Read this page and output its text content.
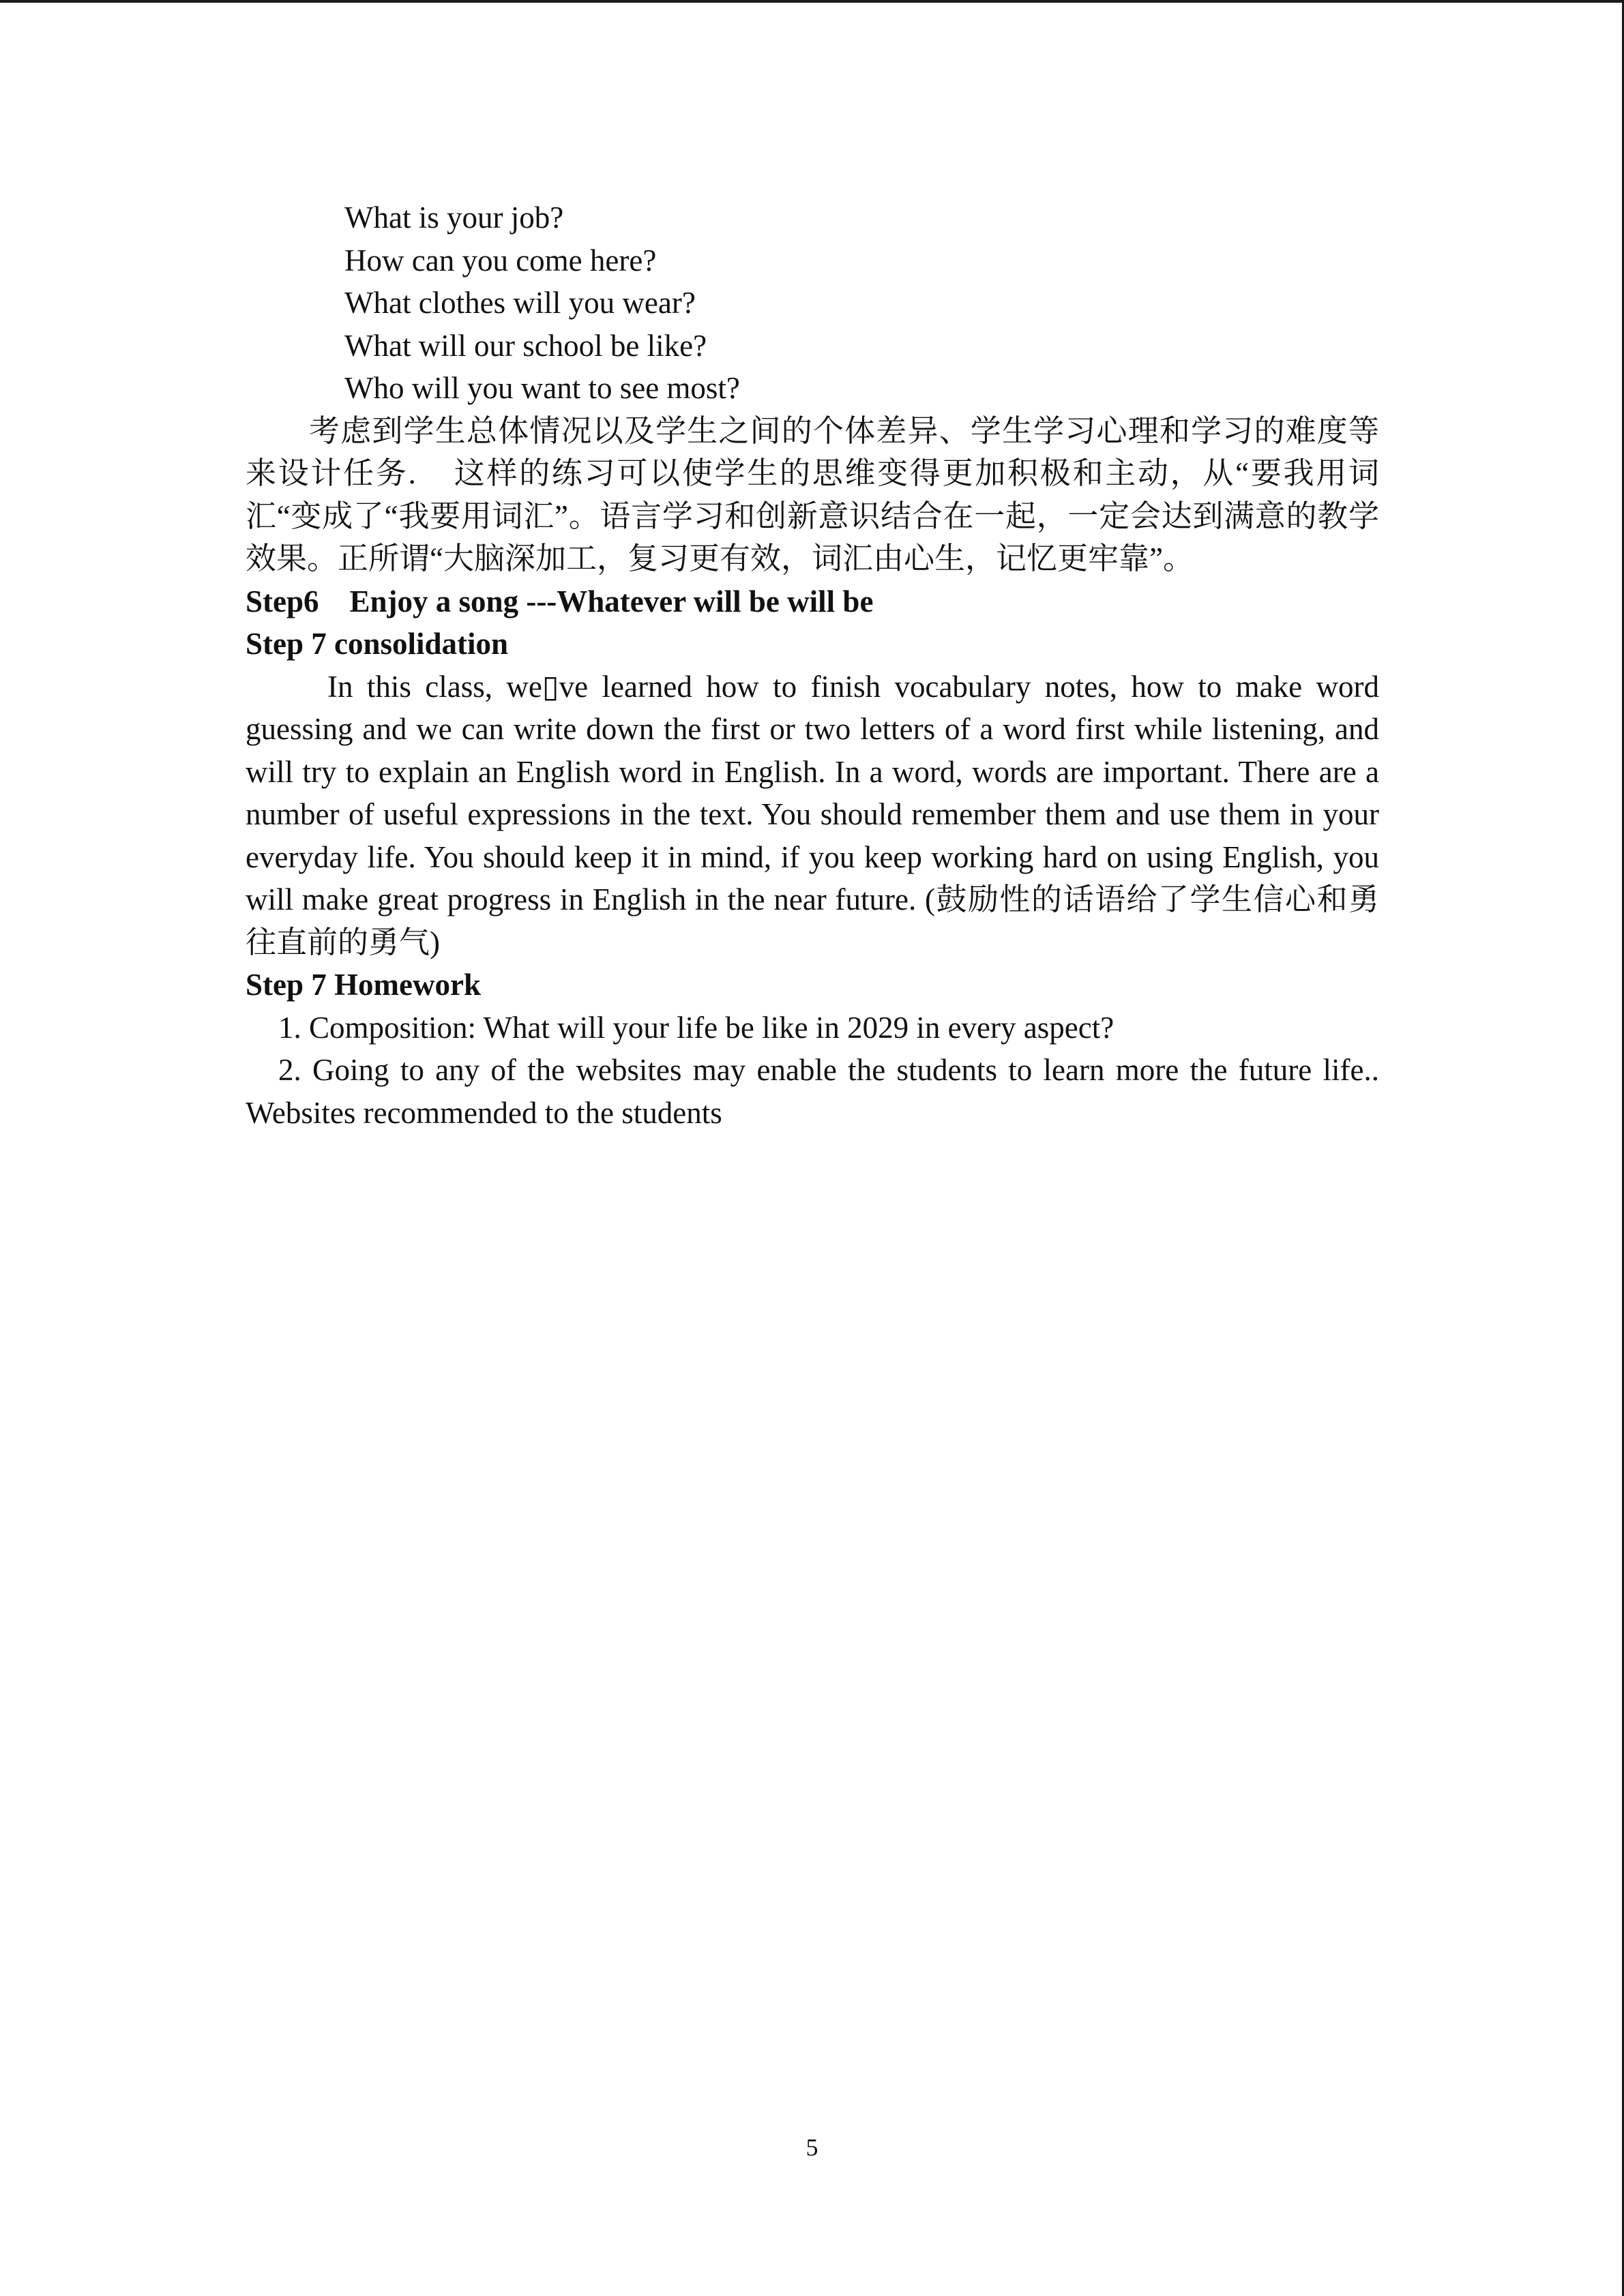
What is your job?
How can you come here?
What clothes will you wear?
What will our school be like?
Who will you want to see most?
考虑到学生总体情况以及学生之间的个体差异、学生学习心理和学习的难度等来设计任务.    这样的练习可以使学生的思维变得更加积极和主动，从“要我用词汇“变成了“我要用词汇”。语言学习和创新意识结合在一起，一定会达到满意的教学效果。正所谓“大脑深加工，复习更有效，词汇由心生，记忆更牢靠”。
Step6    Enjoy a song ---Whatever will be will be
Step 7 consolidation
In this class, we▯ve learned how to finish vocabulary notes, how to make word guessing and we can write down the first or two letters of a word first while listening, and will try to explain an English word in English. In a word, words are important. There are a number of useful expressions in the text. You should remember them and use them in your everyday life. You should keep it in mind, if you keep working hard on using English, you will make great progress in English in the near future. (鼓励性的话语给了学生信心和勇往直前的勇气)
Step 7 Homework
1. Composition: What will your life be like in 2029 in every aspect?
2. Going to any of the websites may enable the students to learn more the future life.. Websites recommended to the students
5
